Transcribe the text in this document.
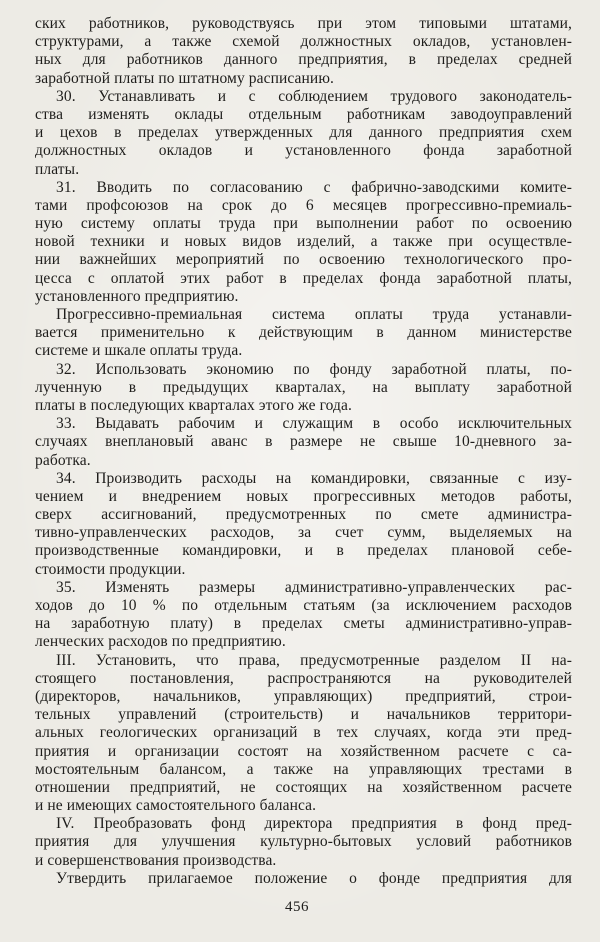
ских работников, руководствуясь при этом типовыми штатами,
структурами, а также схемой должностных окладов, установлен-
ных для работников данного предприятия, в пределах средней
заработной платы по штатному расписанию.
30. Устанавливать и с соблюдением трудового законодатель-
ства изменять оклады отдельным работникам заводоуправлений
и цехов в пределах утвержденных для данного предприятия схем
должностных окладов и установленного фонда заработной
платы.
31. Вводить по согласованию с фабрично-заводскими комите-
тами профсоюзов на срок до 6 месяцев прогрессивно-премиаль-
ную систему оплаты труда при выполнении работ по освоению
новой техники и новых видов изделий, а также при осуществле-
нии важнейших мероприятий по освоению технологического про-
цесса с оплатой этих работ в пределах фонда заработной платы,
установленного предприятию.
Прогрессивно-премиальная система оплаты труда устанавли-
вается применительно к действующим в данном министерстве
системе и шкале оплаты труда.
32. Использовать экономию по фонду заработной платы, по-
лученную в предыдущих кварталах, на выплату заработной
платы в последующих кварталах этого же года.
33. Выдавать рабочим и служащим в особо исключительных
случаях внеплановый аванс в размере не свыше 10-дневного за-
работка.
34. Производить расходы на командировки, связанные с изу-
чением и внедрением новых прогрессивных методов работы,
сверх ассигнований, предусмотренных по смете администра-
тивно-управленческих расходов, за счет сумм, выделяемых на
производственные командировки, и в пределах плановой себе-
стоимости продукции.
35. Изменять размеры административно-управленческих рас-
ходов до 10 % по отдельным статьям (за исключением расходов
на заработную плату) в пределах сметы административно-управ-
ленческих расходов по предприятию.
III. Установить, что права, предусмотренные разделом II на-
стоящего постановления, распространяются на руководителей
(директоров, начальников, управляющих) предприятий, строи-
тельных управлений (строительств) и начальников территори-
альных геологических организаций в тех случаях, когда эти пред-
приятия и организации состоят на хозяйственном расчете с са-
мостоятельным балансом, а также на управляющих трестами в
отношении предприятий, не состоящих на хозяйственном расчете
и не имеющих самостоятельного баланса.
IV. Преобразовать фонд директора предприятия в фонд пред-
приятия для улучшения культурно-бытовых условий работников
и совершенствования производства.
Утвердить прилагаемое положение о фонде предприятия для
456
